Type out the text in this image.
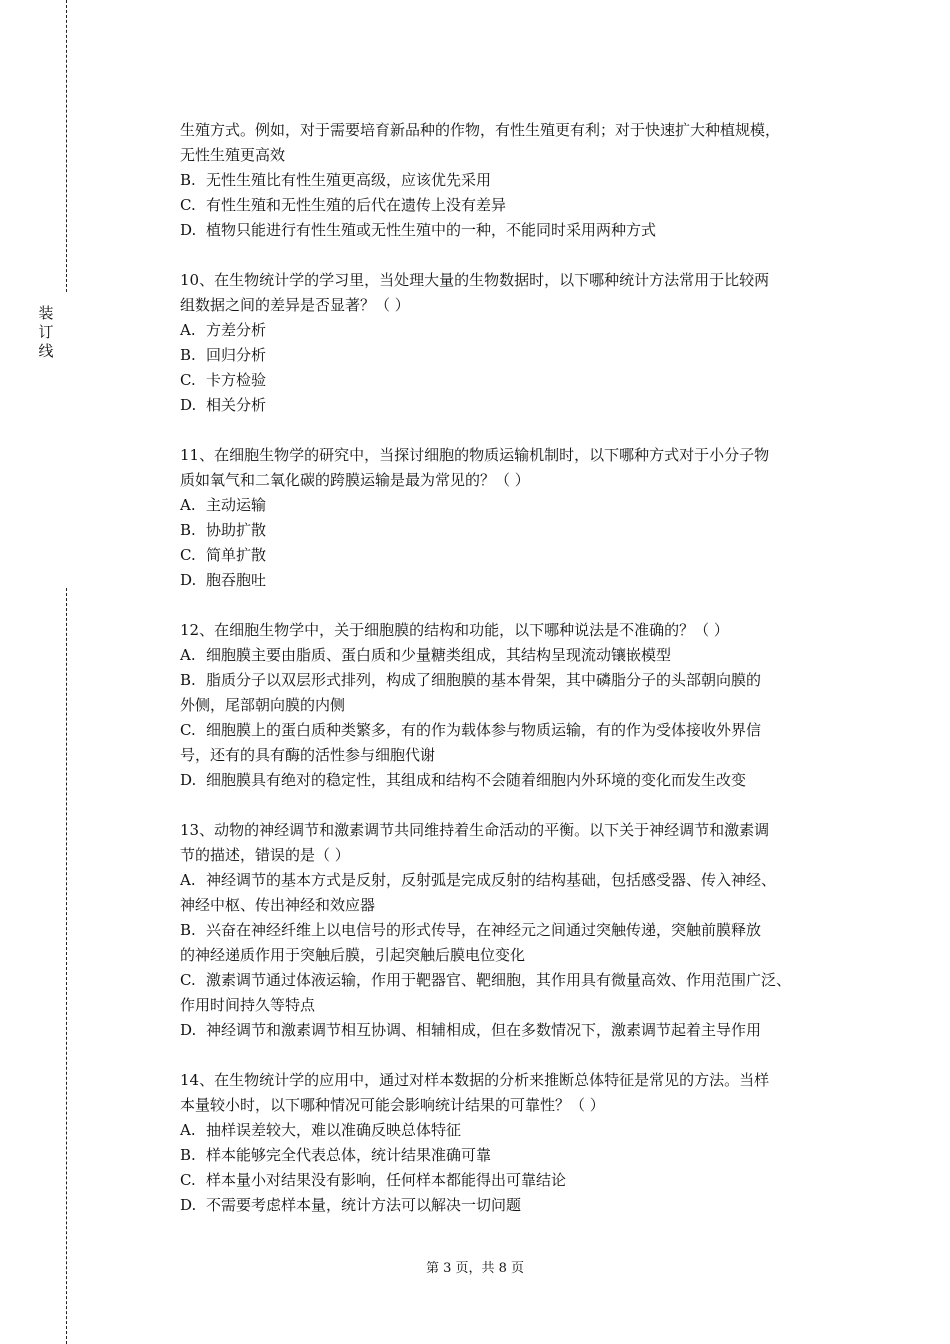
装
订
线

生殖方式。例如，对于需要培育新品种的作物，有性生殖更有利；对于快速扩大种植规模，

无性生殖更高效

B. 无性生殖比有性生殖更高级，应该优先采用

C. 有性生殖和无性生殖的后代在遗传上没有差异

D. 植物只能进行有性生殖或无性生殖中的一种，不能同时采用两种方式

10、在生物统计学的学习里，当处理大量的生物数据时，以下哪种统计方法常用于比较两

组数据之间的差异是否显著？（ ）

A. 方差分析

B. 回归分析

C. 卡方检验

D. 相关分析

11、在细胞生物学的研究中，当探讨细胞的物质运输机制时，以下哪种方式对于小分子物

质如氧气和二氧化碳的跨膜运输是最为常见的？（ ）

A. 主动运输

B. 协助扩散

C. 简单扩散

D. 胞吞胞吐

12、在细胞生物学中，关于细胞膜的结构和功能，以下哪种说法是不准确的？（ ）

A. 细胞膜主要由脂质、蛋白质和少量糖类组成，其结构呈现流动镶嵌模型

B. 脂质分子以双层形式排列，构成了细胞膜的基本骨架，其中磷脂分子的头部朝向膜的

外侧，尾部朝向膜的内侧

C. 细胞膜上的蛋白质种类繁多，有的作为载体参与物质运输，有的作为受体接收外界信

号，还有的具有酶的活性参与细胞代谢

D. 细胞膜具有绝对的稳定性，其组成和结构不会随着细胞内外环境的变化而发生改变

13、动物的神经调节和激素调节共同维持着生命活动的平衡。以下关于神经调节和激素调

节的描述，错误的是（ ）

A. 神经调节的基本方式是反射，反射弧是完成反射的结构基础，包括感受器、传入神经、

神经中枢、传出神经和效应器

B. 兴奋在神经纤维上以电信号的形式传导，在神经元之间通过突触传递，突触前膜释放

的神经递质作用于突触后膜，引起突触后膜电位变化

C. 激素调节通过体液运输，作用于靶器官、靶细胞，其作用具有微量高效、作用范围广泛、

作用时间持久等特点

D. 神经调节和激素调节相互协调、相辅相成，但在多数情况下，激素调节起着主导作用

14、在生物统计学的应用中，通过对样本数据的分析来推断总体特征是常见的方法。当样

本量较小时，以下哪种情况可能会影响统计结果的可靠性？（ ）

A. 抽样误差较大，难以准确反映总体特征

B. 样本能够完全代表总体，统计结果准确可靠

C. 样本量小对结果没有影响，任何样本都能得出可靠结论

D. 不需要考虑样本量，统计方法可以解决一切问题

第 3 页，共 8 页
